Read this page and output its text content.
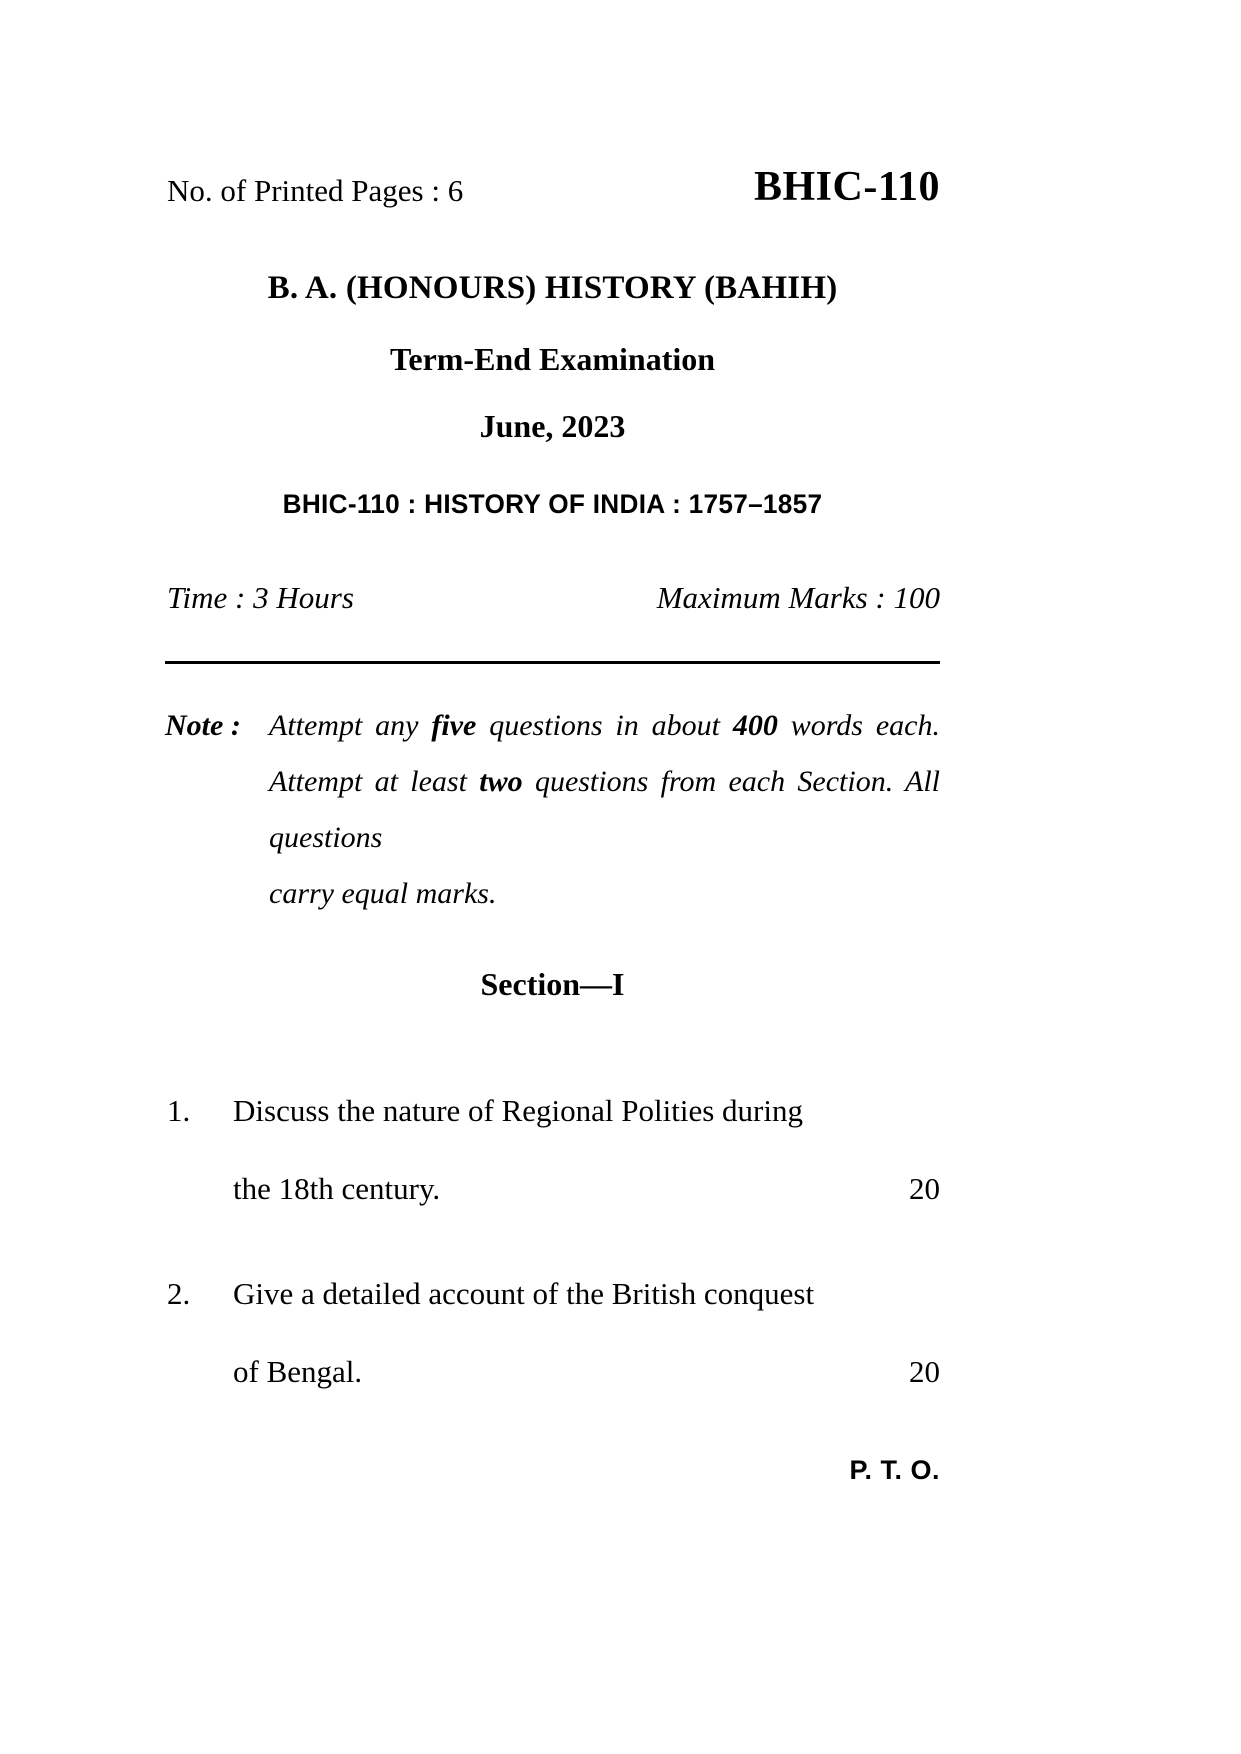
No. of Printed Pages : 6	BHIC-110
B. A. (HONOURS) HISTORY (BAHIH)
Term-End Examination
June, 2023
BHIC-110 : HISTORY OF INDIA : 1757–1857
Time : 3 Hours	Maximum Marks : 100
Note : Attempt any five questions in about 400 words each. Attempt at least two questions from each Section. All questions
carry equal marks.
Section—I
1.	Discuss the nature of Regional Polities during
the 18th century.	20
2.	Give a detailed account of the British conquest
of Bengal.	20
P. T. O.
